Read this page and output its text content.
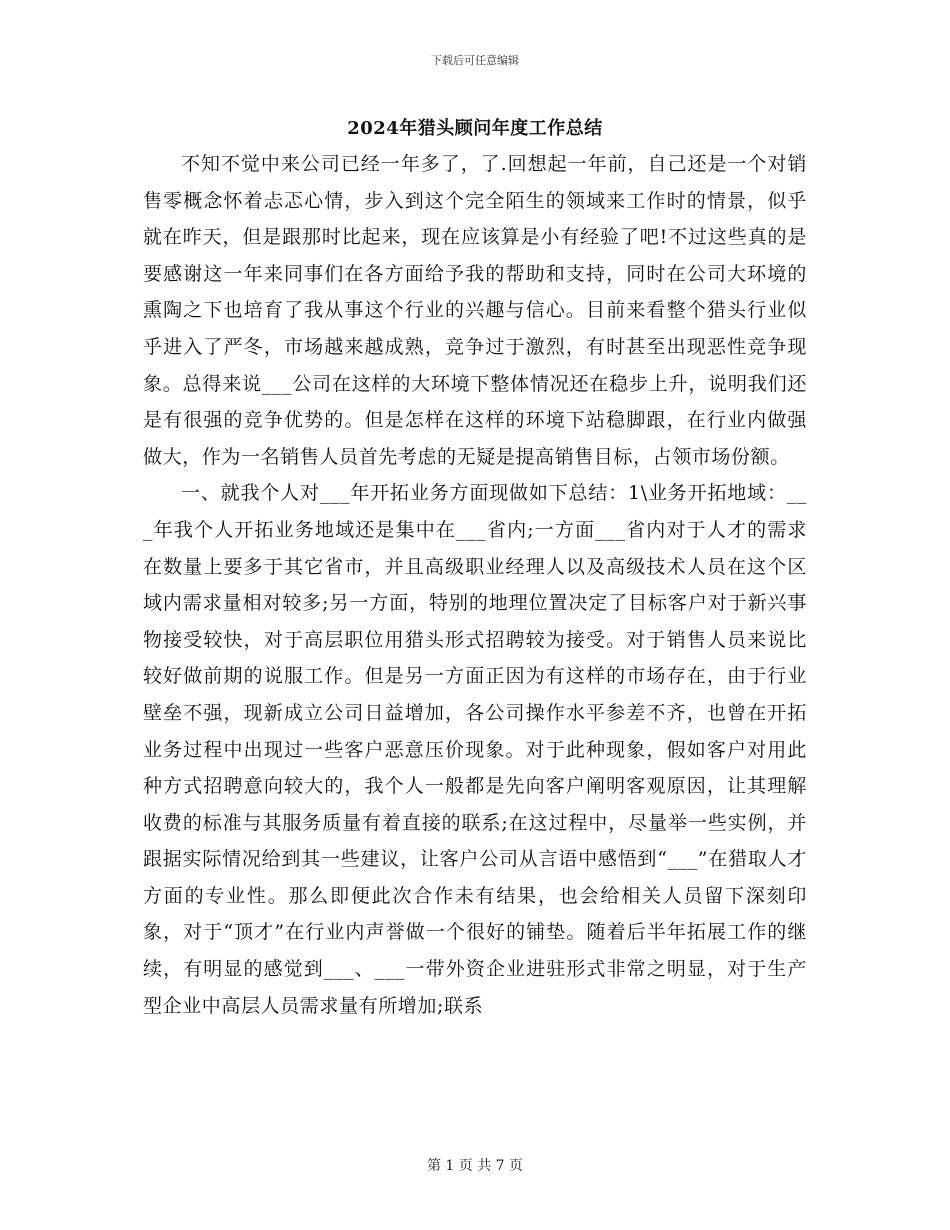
下载后可任意编辑
2024年猎头顾问年度工作总结

不知不觉中来公司已经一年多了，了.回想起一年前，自己还是一个对销售零概念怀着忐忑心情，步入到这个完全陌生的领域来工作时的情景，似乎就在昨天，但是跟那时比起来，现在应该算是小有经验了吧!不过这些真的是要感谢这一年来同事们在各方面给予我的帮助和支持，同时在公司大环境的熏陶之下也培育了我从事这个行业的兴趣与信心。目前来看整个猎头行业似乎进入了严冬，市场越来越成熟，竞争过于激烈，有时甚至出现恶性竞争现象。总得来说___公司在这样的大环境下整体情况还在稳步上升，说明我们还是有很强的竞争优势的。但是怎样在这样的环境下站稳脚跟，在行业内做强做大，作为一名销售人员首先考虑的无疑是提高销售目标，占领市场份额。

一、就我个人对___年开拓业务方面现做如下总结：1\业务开拓地域：___年我个人开拓业务地域还是集中在___省内;一方面___省内对于人才的需求在数量上要多于其它省市，并且高级职业经理人以及高级技术人员在这个区域内需求量相对较多;另一方面，特别的地理位置决定了目标客户对于新兴事物接受较快，对于高层职位用猎头形式招聘较为接受。对于销售人员来说比较好做前期的说服工作。但是另一方面正因为有这样的市场存在，由于行业壁垒不强，现新成立公司日益增加，各公司操作水平参差不齐，也曾在开拓业务过程中出现过一些客户恶意压价现象。对于此种现象，假如客户对用此种方式招聘意向较大的，我个人一般都是先向客户阐明客观原因，让其理解收费的标准与其服务质量有着直接的联系;在这过程中，尽量举一些实例，并跟据实际情况给到其一些建议，让客户公司从言语中感悟到“___”在猎取人才方面的专业性。那么即便此次合作未有结果，也会给相关人员留下深刻印象，对于“顶才”在行业内声誉做一个很好的铺垫。随着后半年拓展工作的继续，有明显的感觉到___、___一带外资企业进驻形式非常之明显，对于生产型企业中高层人员需求量有所增加;联系

第 1 页 共 7 页
